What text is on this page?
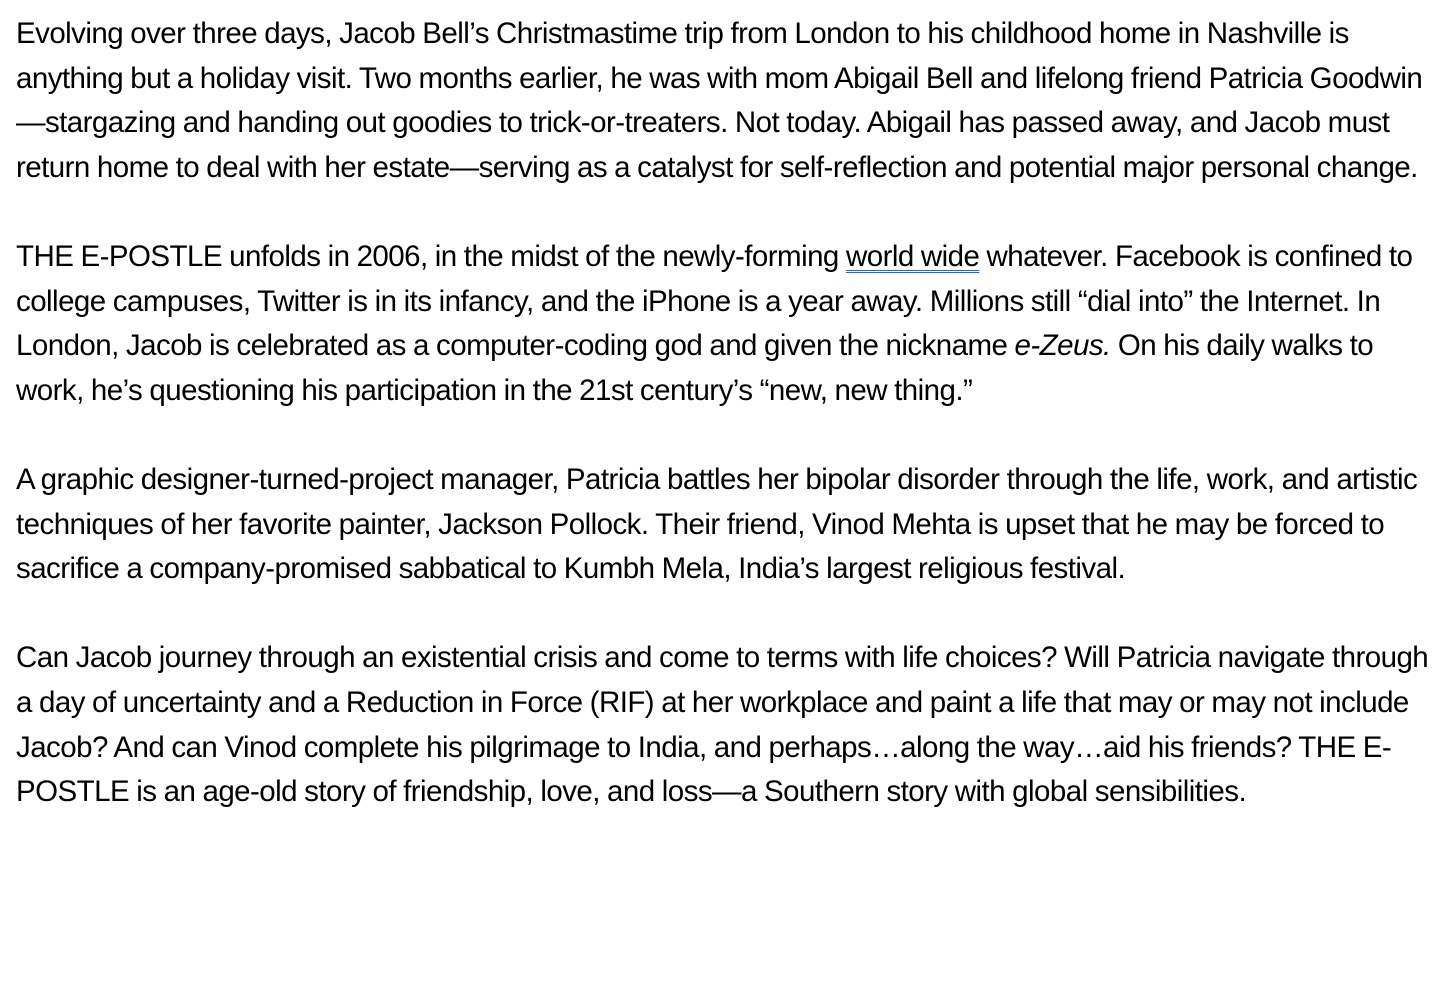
Evolving over three days, Jacob Bell’s Christmastime trip from London to his childhood home in Nashville is anything but a holiday visit. Two months earlier, he was with mom Abigail Bell and lifelong friend Patricia Goodwin—stargazing and handing out goodies to trick-or-treaters. Not today. Abigail has passed away, and Jacob must return home to deal with her estate—serving as a catalyst for self-reflection and potential major personal change.

THE E-POSTLE unfolds in 2006, in the midst of the newly-forming world wide whatever. Facebook is confined to college campuses, Twitter is in its infancy, and the iPhone is a year away. Millions still “dial into” the Internet. In London, Jacob is celebrated as a computer-coding god and given the nickname e-Zeus. On his daily walks to work, he’s questioning his participation in the 21st century’s “new, new thing.”

A graphic designer-turned-project manager, Patricia battles her bipolar disorder through the life, work, and artistic techniques of her favorite painter, Jackson Pollock. Their friend, Vinod Mehta is upset that he may be forced to sacrifice a company-promised sabbatical to Kumbh Mela, India’s largest religious festival.

Can Jacob journey through an existential crisis and come to terms with life choices? Will Patricia navigate through a day of uncertainty and a Reduction in Force (RIF) at her workplace and paint a life that may or may not include Jacob? And can Vinod complete his pilgrimage to India, and perhaps…along the way…aid his friends? THE E-POSTLE is an age-old story of friendship, love, and loss—a Southern story with global sensibilities.
